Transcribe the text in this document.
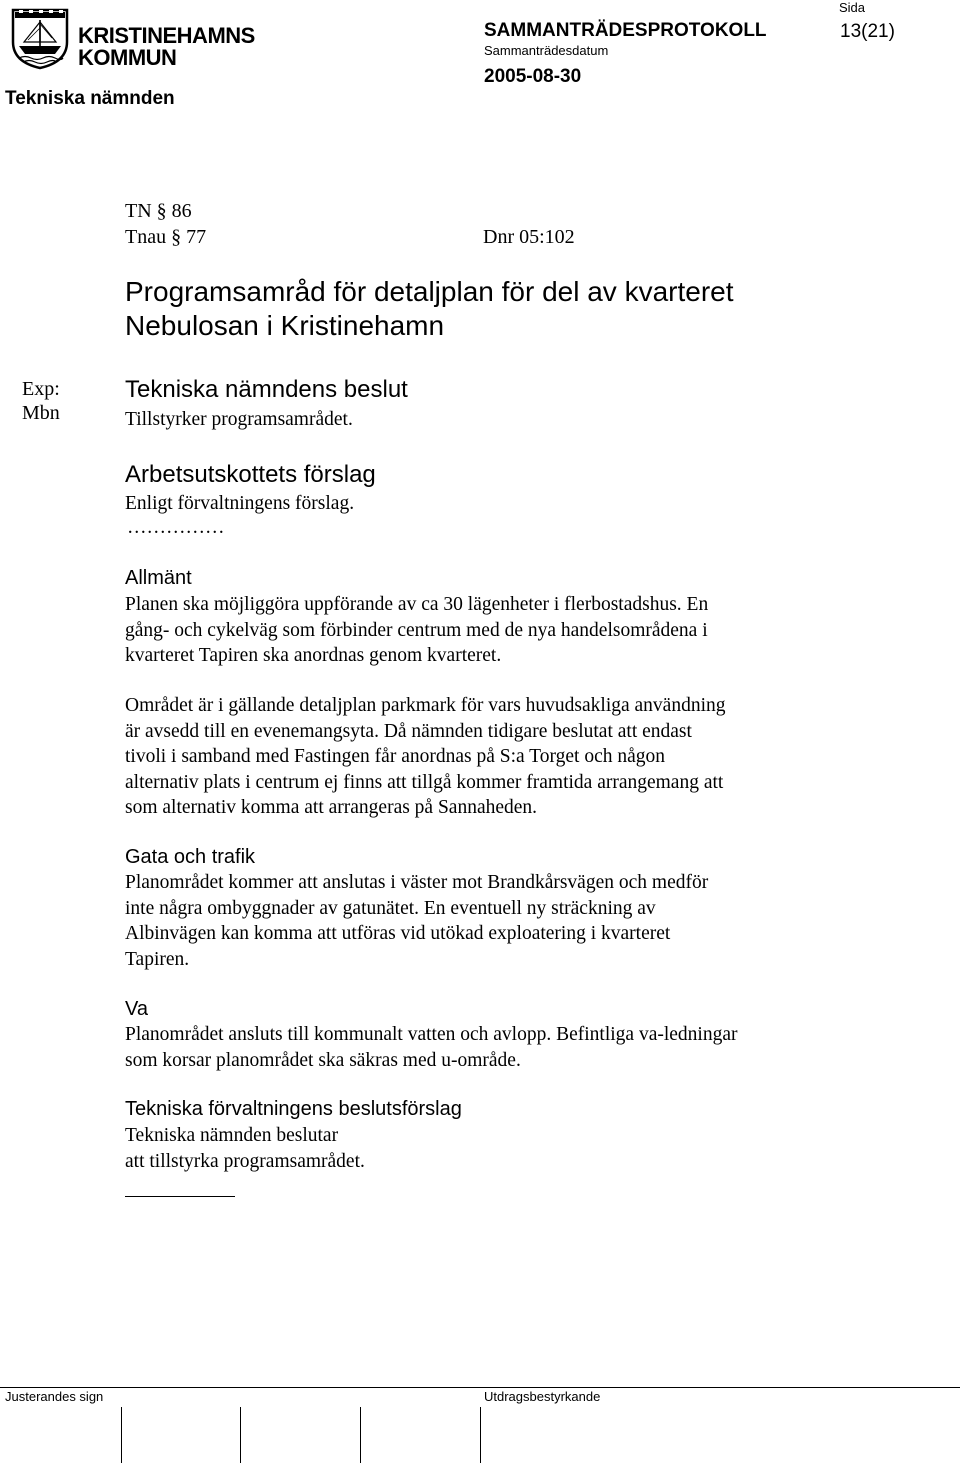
KRISTINEHAMNS
KOMMUN
Tekniska nämnden
SAMMANTRÄDESPROTOKOLL
Sammanträdesdatum
2005-08-30
Sida
13(21)
TN § 86
Tnau § 77	Dnr 05:102
Programsamråd för detaljplan för del av kvarteret
Nebulosan i Kristinehamn
Exp:
Mbn
Tekniska nämndens beslut
Tillstyrker programsamrådet.
Arbetsutskottets förslag
Enligt förvaltningens förslag.
……………
Allmänt
Planen ska möjliggöra uppförande av ca 30 lägenheter i flerbostadshus. En
gång- och cykelväg som förbinder centrum med de nya handelsområdena i
kvarteret Tapiren ska anordnas genom kvarteret.
Området är i gällande detaljplan parkmark för vars huvudsakliga användning
är avsedd till en evenemangsyta. Då nämnden tidigare beslutat att endast
tivoli i samband med Fastingen får anordnas på S:a Torget och någon
alternativ plats i centrum ej finns att tillgå kommer framtida arrangemang att
som alternativ komma att arrangeras på Sannaheden.
Gata och trafik
Planområdet kommer att anslutas i väster mot Brandkårsvägen och medför
inte några ombyggnader av gatunätet. En eventuell ny sträckning av
Albinvägen kan komma att utföras vid utökad exploatering i kvarteret
Tapiren.
Va
Planområdet ansluts till kommunalt vatten och avlopp. Befintliga va-ledningar
som korsar planområdet ska säkras med u-område.
Tekniska förvaltningens beslutsförslag
Tekniska nämnden beslutar
att tillstyrka programsamrådet.
Justerandes sign	Utdragsbestyrkande
